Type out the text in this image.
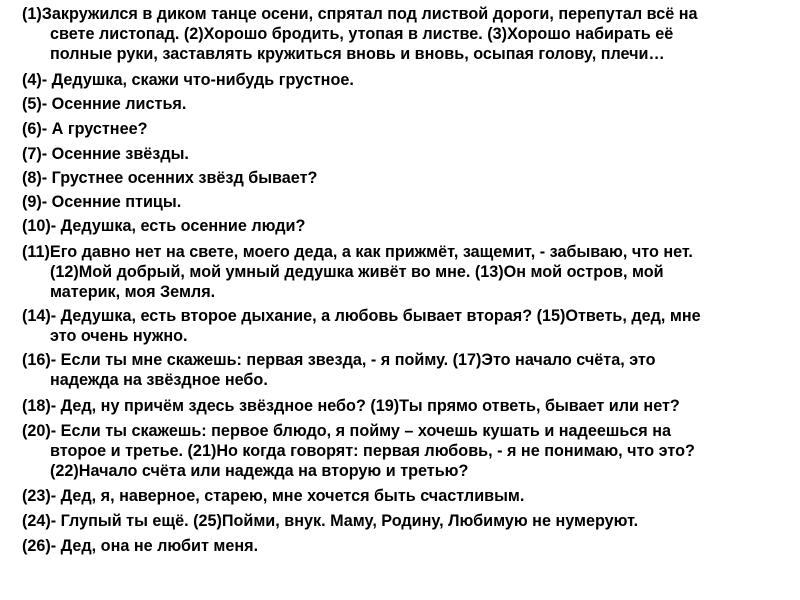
(1)Закружился в диком танце осени, спрятал под листвой дороги, перепутал всё на
свете листопад. (2)Хорошо бродить, утопая в листве. (3)Хорошо набирать её
полные руки, заставлять кружиться вновь и вновь, осыпая голову, плечи…
(4)- Дедушка, скажи что-нибудь грустное.
(5)- Осенние листья.
(6)- А грустнее?
(7)- Осенние звёзды.
(8)- Грустнее осенних звёзд бывает?
(9)- Осенние птицы.
(10)- Дедушка, есть осенние люди?
(11)Его давно нет на свете, моего деда, а как прижмёт, защемит, - забываю, что нет.
(12)Мой добрый, мой умный дедушка живёт во мне. (13)Он мой остров, мой
материк, моя Земля.
(14)- Дедушка, есть второе дыхание, а любовь бывает вторая? (15)Ответь, дед, мне
это очень нужно.
(16)- Если ты мне скажешь: первая звезда, - я пойму. (17)Это начало счёта, это
надежда на звёздное небо.
(18)- Дед, ну причём здесь звёздное небо? (19)Ты прямо ответь, бывает или нет?
(20)- Если ты скажешь: первое блюдо, я пойму – хочешь кушать и надеешься на
второе и третье. (21)Но когда говорят: первая любовь, - я не понимаю, что это?
(22)Начало счёта или надежда на вторую и третью?
(23)- Дед, я, наверное, старею, мне хочется быть счастливым.
(24)- Глупый ты ещё. (25)Пойми, внук. Маму, Родину, Любимую не нумеруют.
(26)- Дед, она не любит меня.
